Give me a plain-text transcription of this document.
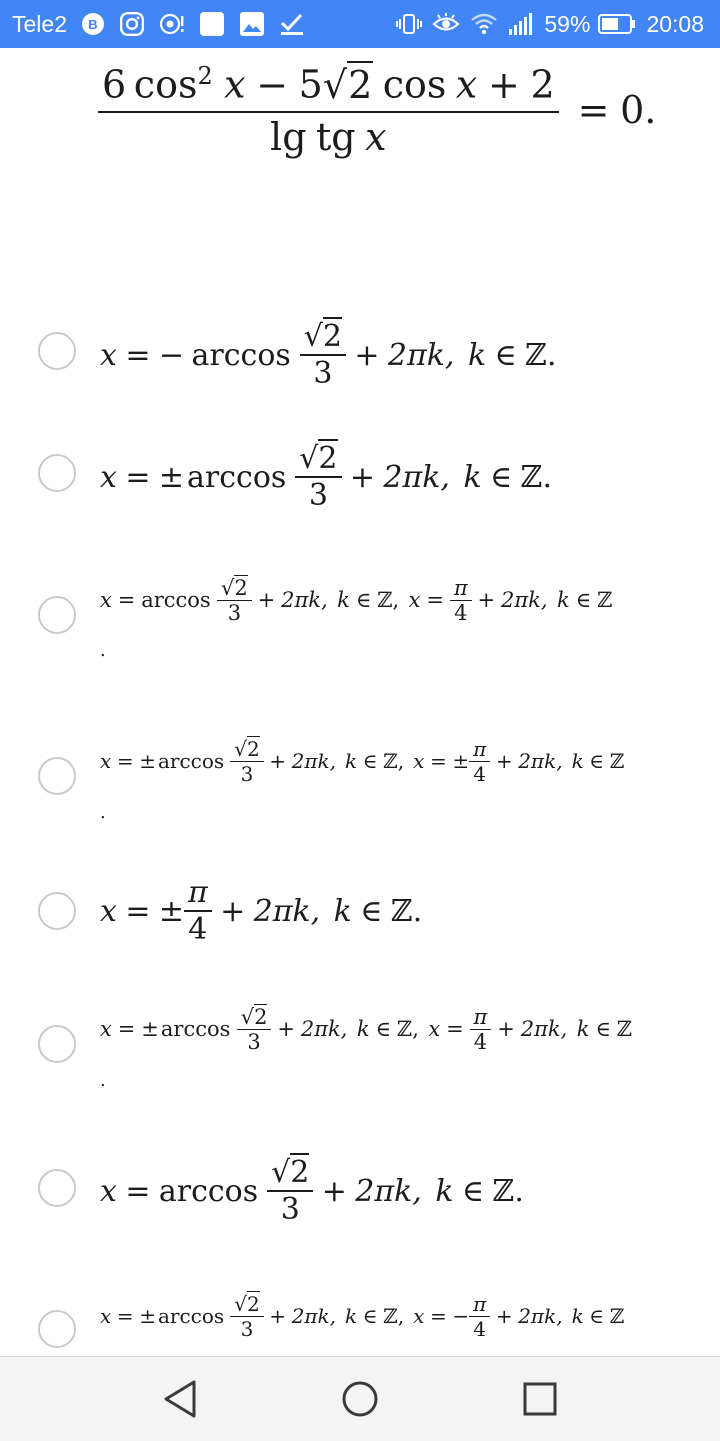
Tele2 B	59% 20:08
$\frac{6 \cos^2 x - 5√2 \cos x + 2}{\text{lg tg x}} = 0$.
x = − $\arccos \frac{√2}{3} + 2\pi k$, k ∈ ℤ.
x = ± $\arccos \frac{√2}{3} + 2\pi k$, k ∈ ℤ.
$x = \arccos \frac{√2}{3} + 2\pi k$, k ∈ ℤ, $x = \frac{\pi}{4} + 2\pi k$, k ∈ ℤ
.
x = ± $\arccos \frac{√2}{3} + 2\pi k$, k ∈ ℤ, x = ± $\frac{\pi}{4} + 2\pi k$, k ∈ ℤ
.
x = ± $\frac{\pi}{4} + 2\pi k$, k ∈ ℤ.
x = ± $\arccos \frac{√2}{3} + 2\pi k$, k ∈ ℤ, $x = \frac{\pi}{4} + 2\pi k$, k ∈ ℤ
.
$x = \arccos \frac{√2}{3} + 2\pi k$, k ∈ ℤ.
x = ± $\arccos \frac{√2}{3} + 2\pi k$, k ∈ ℤ, x = − $\frac{\pi}{4} + 2\pi k$, k ∈ ℤ
